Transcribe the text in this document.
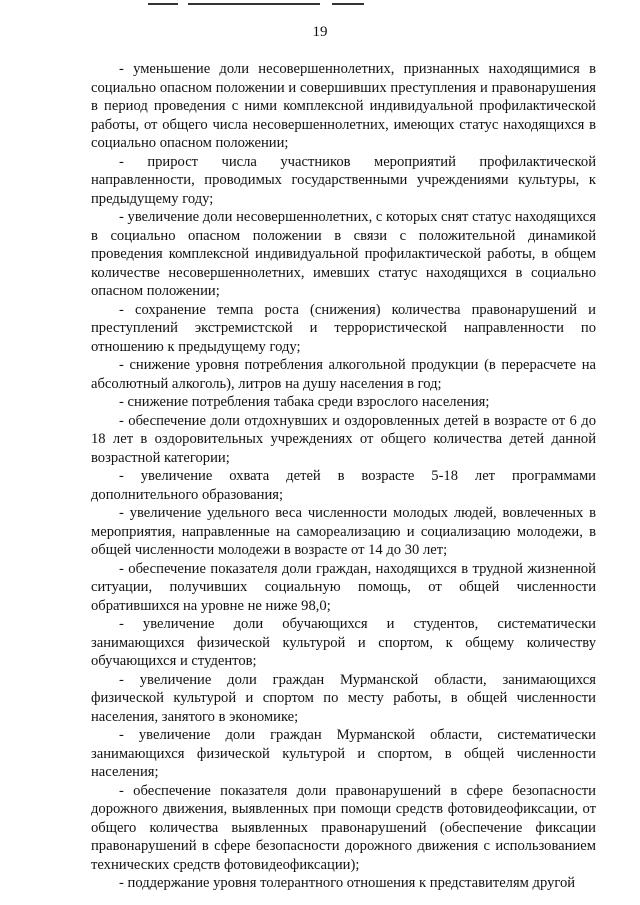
19

- уменьшение доли несовершеннолетних, признанных находящимися в социально опасном положении и совершивших преступления и правонарушения в период проведения с ними комплексной индивидуальной профилактической работы, от общего числа несовершеннолетних, имеющих статус находящихся в социально опасном положении;

- прирост числа участников мероприятий профилактической направленности, проводимых государственными учреждениями культуры, к предыдущему году;

- увеличение доли несовершеннолетних, с которых снят статус находящихся в социально опасном положении в связи с положительной динамикой проведения комплексной индивидуальной профилактической работы, в общем количестве несовершеннолетних, имевших статус находящихся в социально опасном положении;

- сохранение темпа роста (снижения) количества правонарушений и преступлений экстремистской и террористической направленности по отношению к предыдущему году;

- снижение уровня потребления алкогольной продукции (в перерасчете на абсолютный алкоголь), литров на душу населения в год;

- снижение потребления табака среди взрослого населения;

- обеспечение доли отдохнувших и оздоровленных детей в возрасте от 6 до 18 лет в оздоровительных учреждениях от общего количества детей данной возрастной категории;

- увеличение охвата детей в возрасте 5-18 лет программами дополнительного образования;

- увеличение удельного веса численности молодых людей, вовлеченных в мероприятия, направленные на самореализацию и социализацию молодежи, в общей численности молодежи в возрасте от 14 до 30 лет;

- обеспечение показателя доли граждан, находящихся в трудной жизненной ситуации, получивших социальную помощь, от общей численности обратившихся на уровне не ниже 98,0;

- увеличение доли обучающихся и студентов, систематически занимающихся физической культурой и спортом, к общему количеству обучающихся и студентов;

- увеличение доли граждан Мурманской области, занимающихся физической культурой и спортом по месту работы, в общей численности населения, занятого в экономике;

- увеличение доли граждан Мурманской области, систематически занимающихся физической культурой и спортом, в общей численности населения;

- обеспечение показателя доли правонарушений в сфере безопасности дорожного движения, выявленных при помощи средств фотовидеофиксации, от общего количества выявленных правонарушений (обеспечение фиксации правонарушений в сфере безопасности дорожного движения с использованием технических средств фотовидеофиксации);

- поддержание уровня толерантного отношения к представителям другой
